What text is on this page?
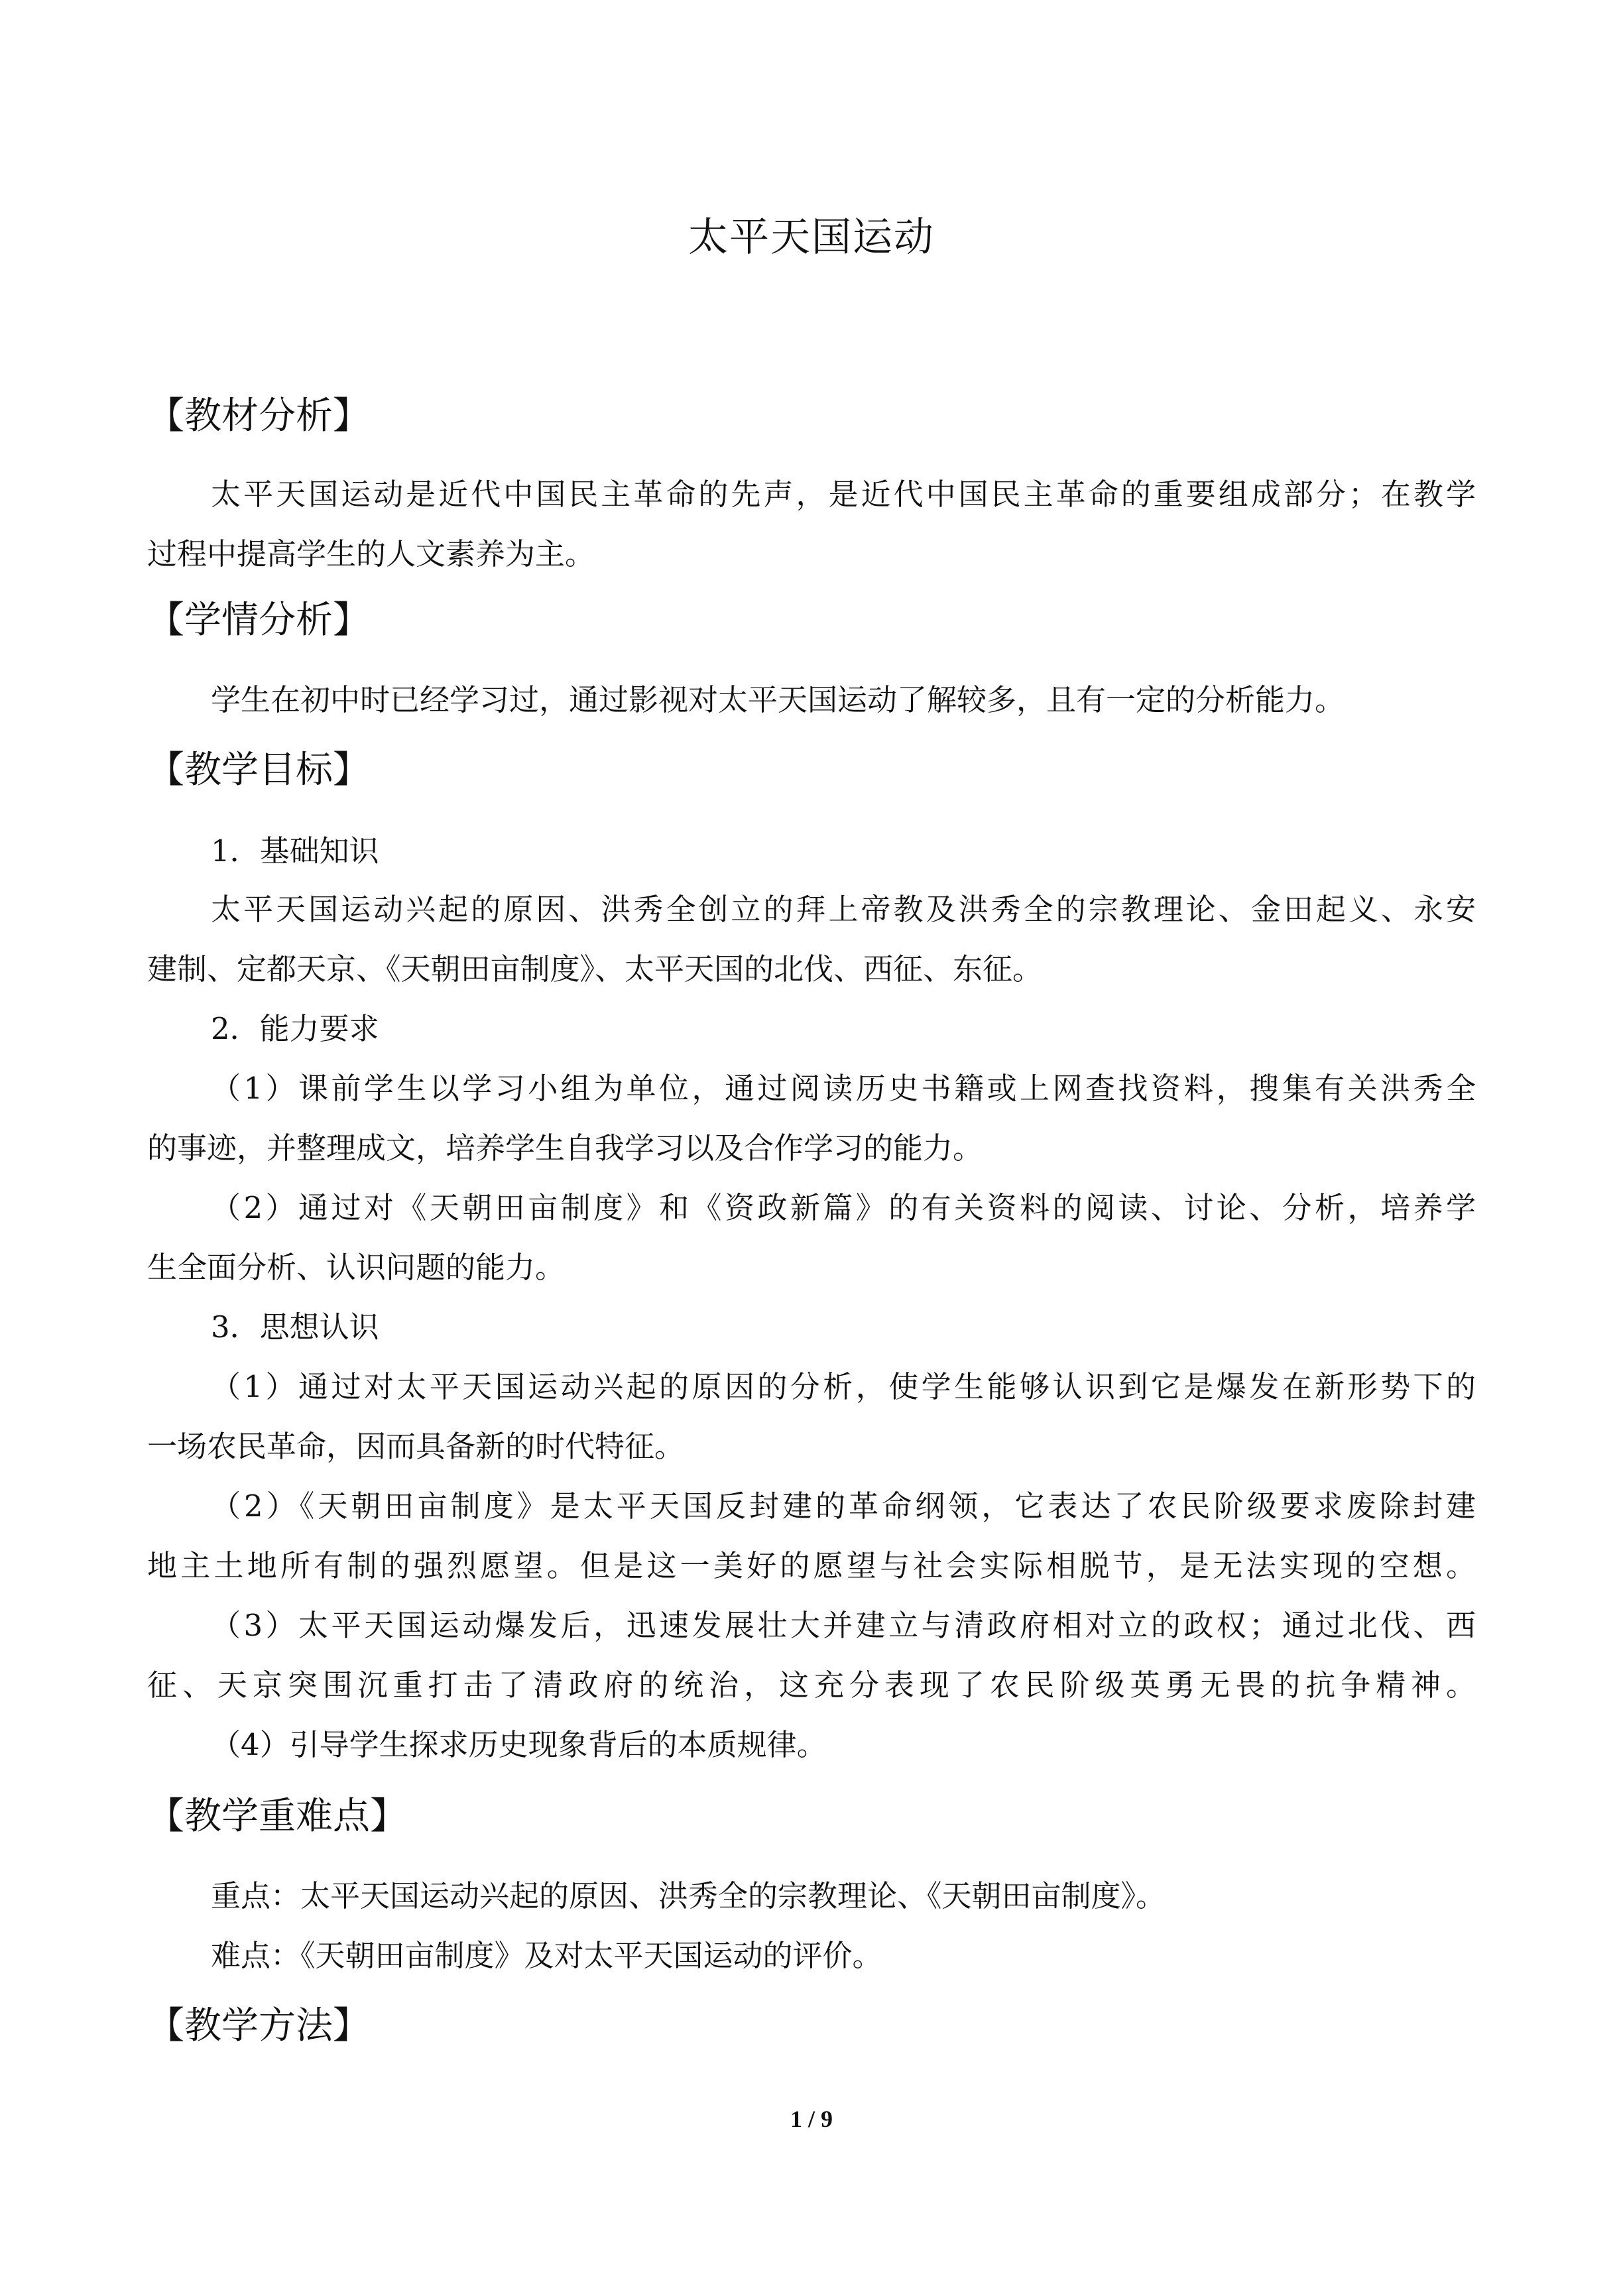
太平天国运动
【教材分析】
太平天国运动是近代中国民主革命的先声，是近代中国民主革命的重要组成部分；在教学
过程中提高学生的人文素养为主。
【学情分析】
学生在初中时已经学习过，通过影视对太平天国运动了解较多，且有一定的分析能力。
【教学目标】
1．基础知识
太平天国运动兴起的原因、洪秀全创立的拜上帝教及洪秀全的宗教理论、金田起义、永安
建制、定都天京、《天朝田亩制度》、太平天国的北伐、西征、东征。
2．能力要求
（1）课前学生以学习小组为单位，通过阅读历史书籍或上网查找资料，搜集有关洪秀全
的事迹，并整理成文，培养学生自我学习以及合作学习的能力。
（2）通过对《天朝田亩制度》和《资政新篇》的有关资料的阅读、讨论、分析，培养学
生全面分析、认识问题的能力。
3．思想认识
（1）通过对太平天国运动兴起的原因的分析，使学生能够认识到它是爆发在新形势下的
一场农民革命，因而具备新的时代特征。
（2）《天朝田亩制度》是太平天国反封建的革命纲领，它表达了农民阶级要求废除封建
地主土地所有制的强烈愿望。但是这一美好的愿望与社会实际相脱节，是无法实现的空想。
（3）太平天国运动爆发后，迅速发展壮大并建立与清政府相对立的政权；通过北伐、西
征、天京突围沉重打击了清政府的统治，这充分表现了农民阶级英勇无畏的抗争精神。
（4）引导学生探求历史现象背后的本质规律。
【教学重难点】
重点：太平天国运动兴起的原因、洪秀全的宗教理论、《天朝田亩制度》。
难点：《天朝田亩制度》及对太平天国运动的评价。
【教学方法】
1 / 9
